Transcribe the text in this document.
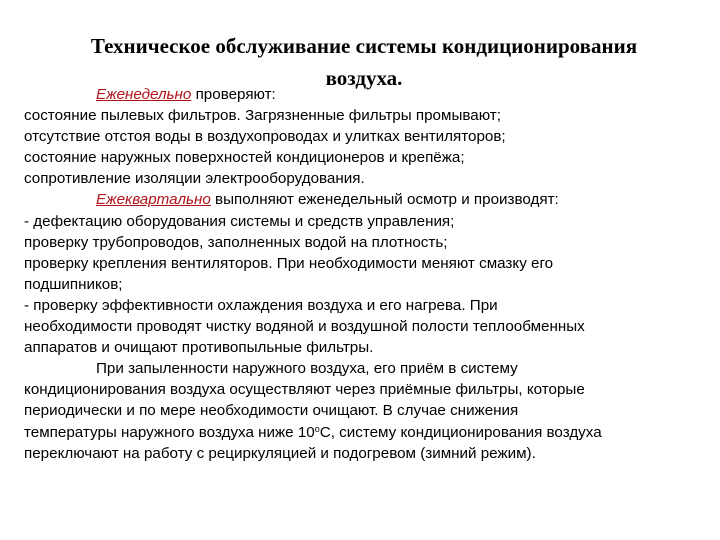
Техническое обслуживание системы кондиционирования
воздуха.
Еженедельно проверяют:
состояние пылевых фильтров. Загрязненные фильтры промывают;
отсутствие отстоя воды в воздухопроводах и улитках вентиляторов;
состояние наружных поверхностей кондиционеров и крепёжа;
сопротивление изоляции электрооборудования.
Ежеквартально выполняют еженедельный осмотр и производят:
- дефектацию оборудования системы и средств управления;
проверку трубопроводов, заполненных водой на плотность;
проверку крепления вентиляторов. При необходимости меняют смазку его
подшипников;
- проверку эффективности охлаждения воздуха и его нагрева. При
необходимости проводят чистку водяной и воздушной полости теплообменных
аппаратов и очищают противопыльные фильтры.
При запыленности наружного воздуха, его приём в систему
кондиционирования воздуха осуществляют через приёмные фильтры, которые
периодически и по мере необходимости очищают. В случае снижения
температуры наружного воздуха ниже $10^оС$, систему кондиционирования воздуха
переключают на работу с рециркуляцией и подогревом (зимний режим).
